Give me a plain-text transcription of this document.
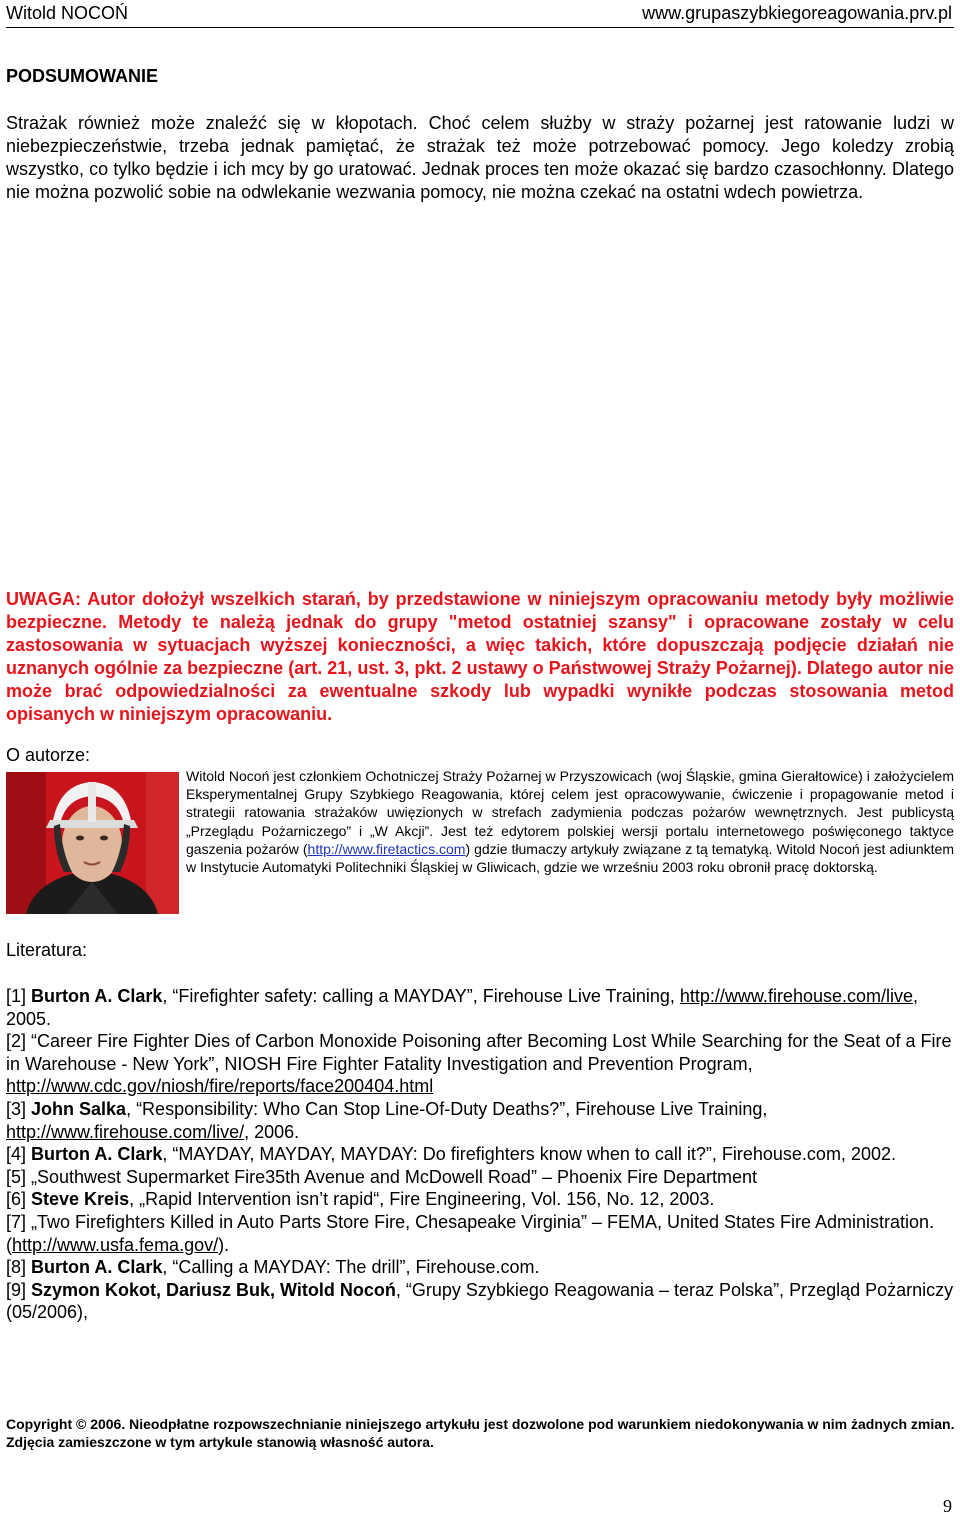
Witold NOCOŃ	www.grupaszybkiegoreagowania.prv.pl
PODSUMOWANIE
Strażak również może znaleźć się w kłopotach. Choć celem służby w straży pożarnej jest ratowanie ludzi w niebezpieczeństwie, trzeba jednak pamiętać, że strażak też może potrzebować pomocy. Jego koledzy zrobią wszystko, co tylko będzie i ich mcy by go uratować. Jednak proces ten może okazać się bardzo czasochłonny. Dlatego nie można pozwolić sobie na odwlekanie wezwania pomocy, nie można czekać na ostatni wdech powietrza.
UWAGA: Autor dołożył wszelkich starań, by przedstawione w niniejszym opracowaniu metody były możliwie bezpieczne. Metody te należą jednak do grupy "metod ostatniej szansy" i opracowane zostały w celu zastosowania w sytuacjach wyższej konieczności, a więc takich, które dopuszczają podjęcie działań nie uznanych ogólnie za bezpieczne (art. 21, ust. 3, pkt. 2 ustawy o Państwowej Straży Pożarnej). Dlatego autor nie może brać odpowiedzialności za ewentualne szkody lub wypadki wynikłe podczas stosowania metod opisanych w niniejszym opracowaniu.
O autorze:
Witold Nocoń jest członkiem Ochotniczej Straży Pożarnej w Przyszowicach (woj Śląskie, gmina Gierałtowice) i założycielem Eksperymentalnej Grupy Szybkiego Reagowania, której celem jest opracowywanie, ćwiczenie i propagowanie metod i strategii ratowania strażaków uwięzionych w strefach zadymienia podczas pożarów wewnętrznych. Jest publicystą „Przeglądu Pożarniczego” i „W Akcji”. Jest też edytorem polskiej wersji portalu internetowego poświęconego taktyce gaszenia pożarów (http://www.firetactics.com) gdzie tłumaczy artykuły związane z tą tematyką. Witold Nocoń jest adiunktem w Instytucie Automatyki Politechniki Śląskiej w Gliwicach, gdzie we wrześniu 2003 roku obronił pracę doktorską.
Literatura:

[1] Burton A. Clark, “Firefighter safety: calling a MAYDAY”, Firehouse Live Training, http://www.firehouse.com/live, 2005.

[2] “Career Fire Fighter Dies of Carbon Monoxide Poisoning after Becoming Lost While Searching for the Seat of a Fire in Warehouse - New York”, NIOSH Fire Fighter Fatality Investigation and Prevention Program, http://www.cdc.gov/niosh/fire/reports/face200404.html

[3] John Salka, “Responsibility: Who Can Stop Line-Of-Duty Deaths?”, Firehouse Live Training, http://www.firehouse.com/live/, 2006.

[4] Burton A. Clark, “MAYDAY, MAYDAY, MAYDAY: Do firefighters know when to call it?”, Firehouse.com, 2002.

[5] „Southwest Supermarket Fire35th Avenue and McDowell Road” – Phoenix Fire Department

[6] Steve Kreis, „Rapid Intervention isn’t rapid“, Fire Engineering, Vol. 156, No. 12, 2003.

[7] „Two Firefighters Killed in Auto Parts Store Fire, Chesapeake Virginia” – FEMA, United States Fire Administration. (http://www.usfa.fema.gov/).

[8] Burton A. Clark, “Calling a MAYDAY: The drill”, Firehouse.com.

[9] Szymon Kokot, Dariusz Buk, Witold Nocoń, “Grupy Szybkiego Reagowania – teraz Polska”, Przegląd Pożarniczy (05/2006),

Copyright © 2006. Nieodpłatne rozpowszechnianie niniejszego artykułu jest dozwolone pod warunkiem niedokonywania w nim żadnych zmian. Zdjęcia zamieszczone w tym artykule stanowią własność autora.
9
